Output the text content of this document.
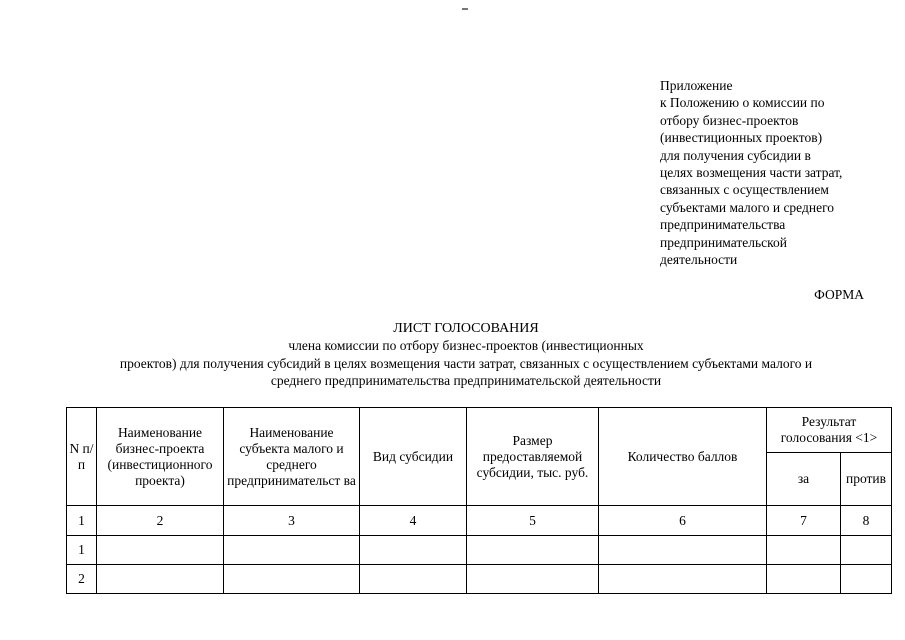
Приложение
к Положению о комиссии по
отбору бизнес-проектов
(инвестиционных проектов)
для получения субсидии в
целях возмещения части затрат,
связанных с осуществлением
субъектами малого и среднего
предпринимательства
предпринимательской
деятельности
ФОРМА
ЛИСТ ГОЛОСОВАНИЯ
члена комиссии по отбору бизнес-проектов (инвестиционных
проектов) для получения субсидий в целях возмещения части затрат, связанных с осуществлением субъектами малого и
среднего предпринимательства предпринимательской деятельности
N п/п	Наименование бизнес-проекта (инвестиционного проекта)	Наименование субъекта малого и среднего предпринимательст ва	Вид субсидии	Размер предоставляемой субсидии, тыс. руб.	Количество баллов	Результат голосования <1>	
						за	против
1	2	3	4	5	6	7	8
1							
2							
